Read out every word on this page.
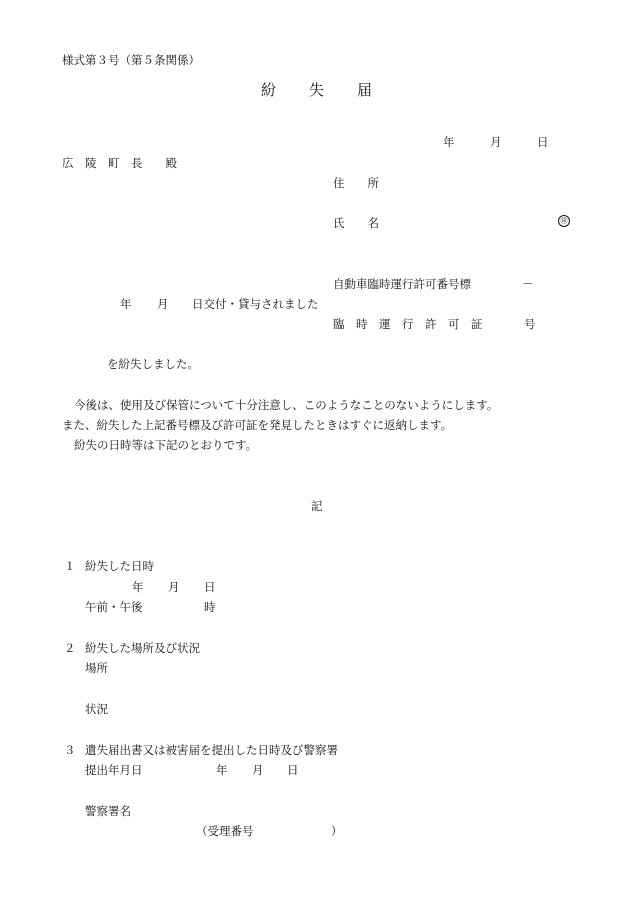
様式第３号（第５条関係）
紛 失 届
年	月	日
広　陵　町　長　　殿
住　　所
氏　　名	㊞
自動車臨時運行許可番号標	－
年 月 日交付・貸与されました
臨　時　運　行　許　可　証	号
を紛失しました。
今後は、使用及び保管について十分注意し、このようなことのないようにします。
また、紛失した上記番号標及び許可証を発見したときはすぐに返納します。
紛失の日時等は下記のとおりです。
記
１ 紛失した日時
年 月 日
午前・午後	時
２ 紛失した場所及び状況
場所
状況
３ 遺失届出書又は被害届を提出した日時及び警察署
提出年月日	年 月 日
警察署名
（受理番号	）
